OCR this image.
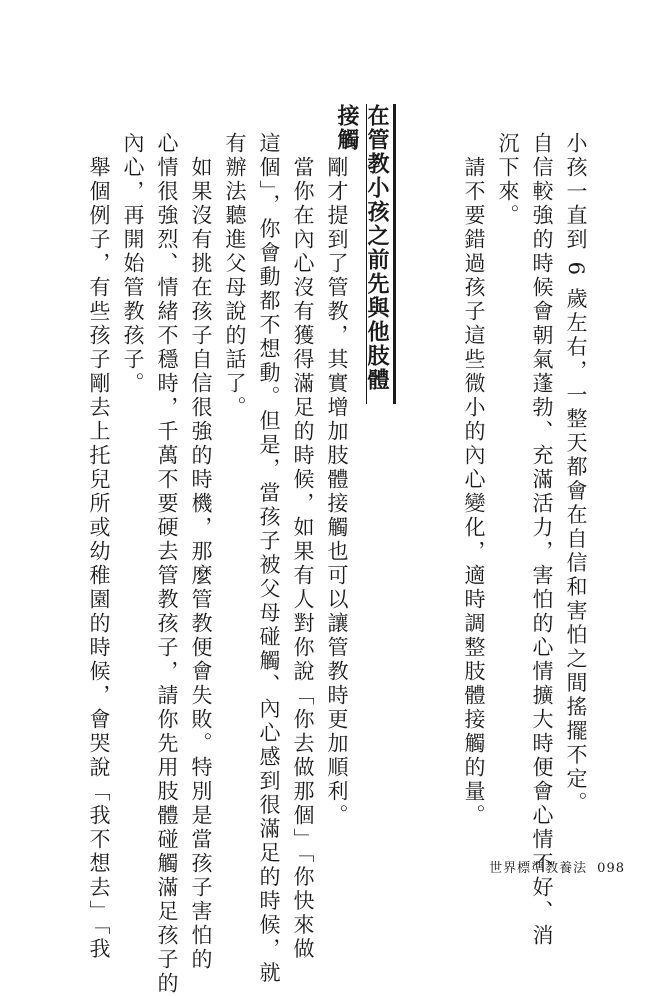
小孩一直到 6 歲左右，一整天都會在自信和害怕之間搖擺不定。
自信較強的時候會朝氣蓬勃、充滿活力，害怕的心情擴大時便會心情不好、消
沉下來。
　請不要錯過孩子這些微小的內心變化，適時調整肢體接觸的量。
在管教小孩之前先與他肢體接觸
　剛才提到了管教，其實增加肢體接觸也可以讓管教時更加順利。
　當你在內心沒有獲得滿足的時候，如果有人對你說「你去做那個」「你快來做
這個」，你會動都不想動。但是，當孩子被父母碰觸、內心感到很滿足的時候，就
有辦法聽進父母說的話了。
　如果沒有挑在孩子自信很強的時機，那麼管教便會失敗。特別是當孩子害怕的
心情很強烈、情緒不穩時，千萬不要硬去管教孩子，請你先用肢體碰觸滿足孩子的
內心，再開始管教孩子。
　舉個例子，有些孩子剛去上托兒所或幼稚園的時候，會哭說「我不想去」「我	世界標準教養法 098
